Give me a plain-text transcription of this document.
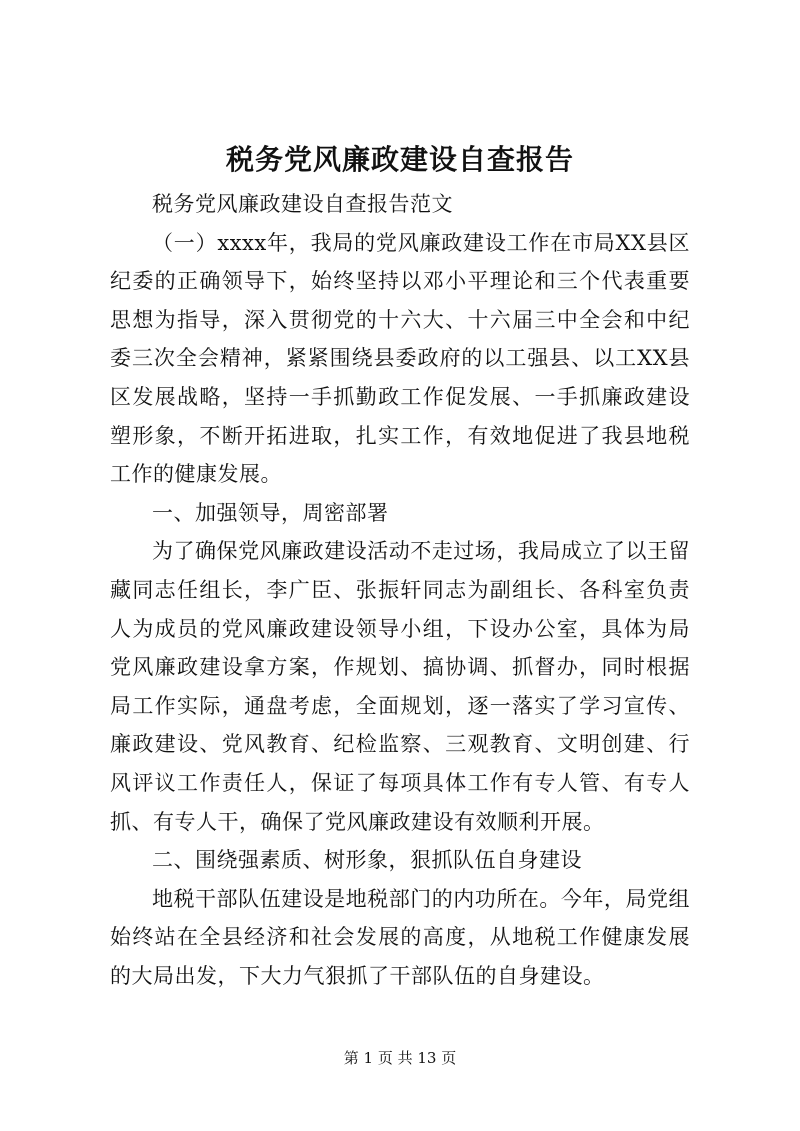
税务党风廉政建设自查报告

税务党风廉政建设自查报告范文

（一）xxxx年，我局的党风廉政建设工作在市局XX县区纪委的正确领导下，始终坚持以邓小平理论和三个代表重要思想为指导，深入贯彻党的十六大、十六届三中全会和中纪委三次全会精神，紧紧围绕县委政府的以工强县、以工XX县区发展战略，坚持一手抓勤政工作促发展、一手抓廉政建设塑形象，不断开拓进取，扎实工作，有效地促进了我县地税工作的健康发展。

一、加强领导，周密部署

为了确保党风廉政建设活动不走过场，我局成立了以王留藏同志任组长，李广臣、张振轩同志为副组长、各科室负责人为成员的党风廉政建设领导小组，下设办公室，具体为局党风廉政建设拿方案，作规划、搞协调、抓督办，同时根据局工作实际，通盘考虑，全面规划，逐一落实了学习宣传、廉政建设、党风教育、纪检监察、三观教育、文明创建、行风评议工作责任人，保证了每项具体工作有专人管、有专人抓、有专人干，确保了党风廉政建设有效顺利开展。

二、围绕强素质、树形象，狠抓队伍自身建设

地税干部队伍建设是地税部门的内功所在。今年，局党组始终站在全县经济和社会发展的高度，从地税工作健康发展的大局出发，下大力气狠抓了干部队伍的自身建设。

第 1 页 共 13 页
